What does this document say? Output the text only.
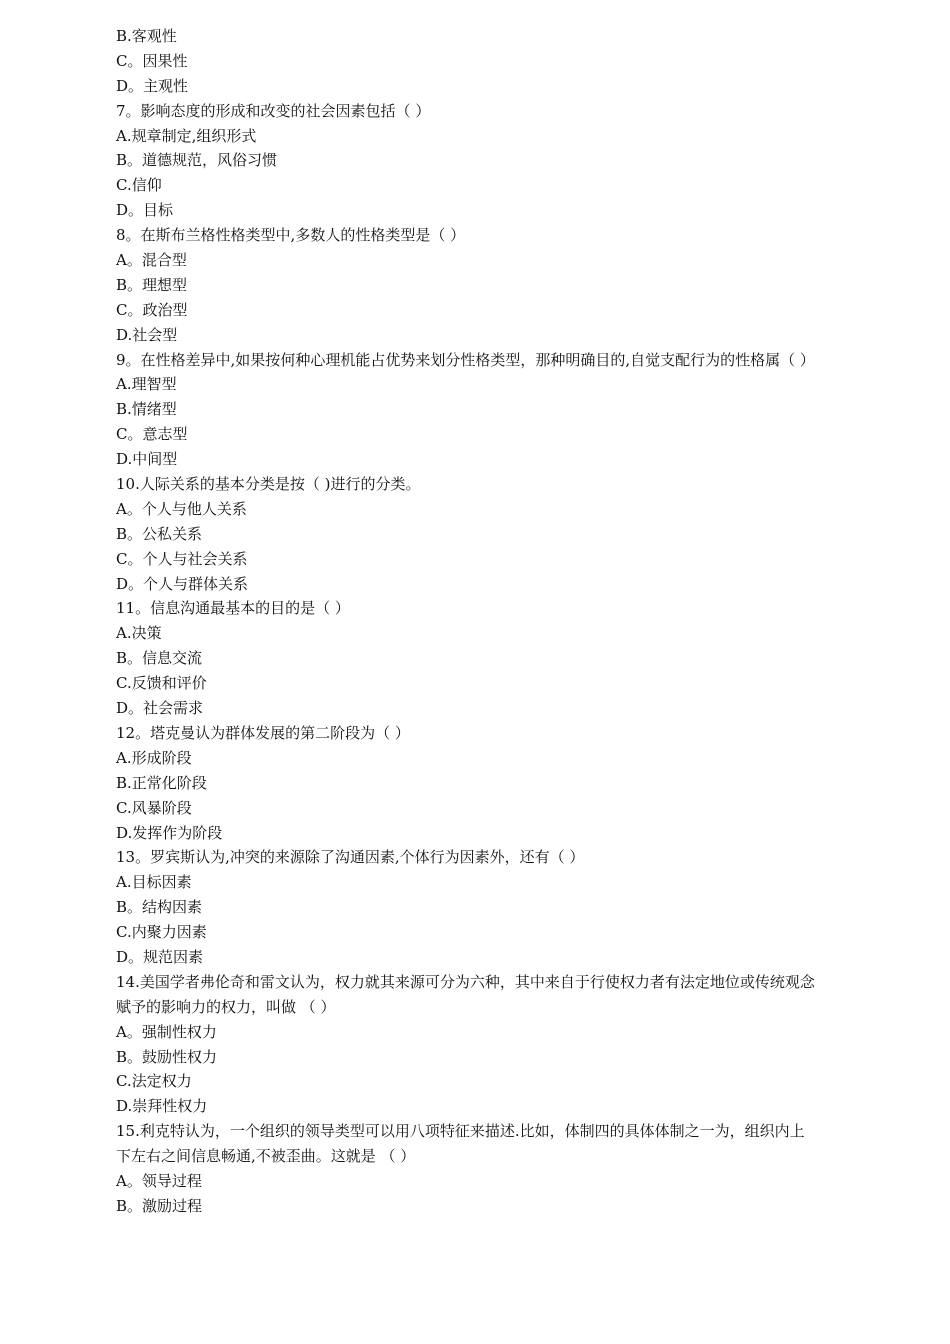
B.客观性
C。因果性
D。主观性
7。影响态度的形成和改变的社会因素包括（ ）
A.规章制定,组织形式
B。道德规范，风俗习惯
C.信仰
D。目标
8。在斯布兰格性格类型中,多数人的性格类型是（ ）
A。混合型
B。理想型
C。政治型
D.社会型
9。在性格差异中,如果按何种心理机能占优势来划分性格类型，那种明确目的,自觉支配行为的性格属（ ）
A.理智型
B.情绪型
C。意志型
D.中间型
10.人际关系的基本分类是按（ )进行的分类。
A。个人与他人关系
B。公私关系
C。个人与社会关系
D。个人与群体关系
11。信息沟通最基本的目的是（ ）
A.决策
B。信息交流
C.反馈和评价
D。社会需求
12。塔克曼认为群体发展的第二阶段为（ ）
A.形成阶段
B.正常化阶段
C.风暴阶段
D.发挥作为阶段
13。罗宾斯认为,冲突的来源除了沟通因素,个体行为因素外，还有（ ）
A.目标因素
B。结构因素
C.内聚力因素
D。规范因素
14.美国学者弗伦奇和雷文认为，权力就其来源可分为六种，其中来自于行使权力者有法定地位或传统观念
赋予的影响力的权力，叫做 （ ）
A。强制性权力
B。鼓励性权力
C.法定权力
D.崇拜性权力
15.利克特认为，一个组织的领导类型可以用八项特征来描述.比如，体制四的具体体制之一为，组织内上
下左右之间信息畅通,不被歪曲。这就是 （ ）
A。领导过程
B。激励过程
